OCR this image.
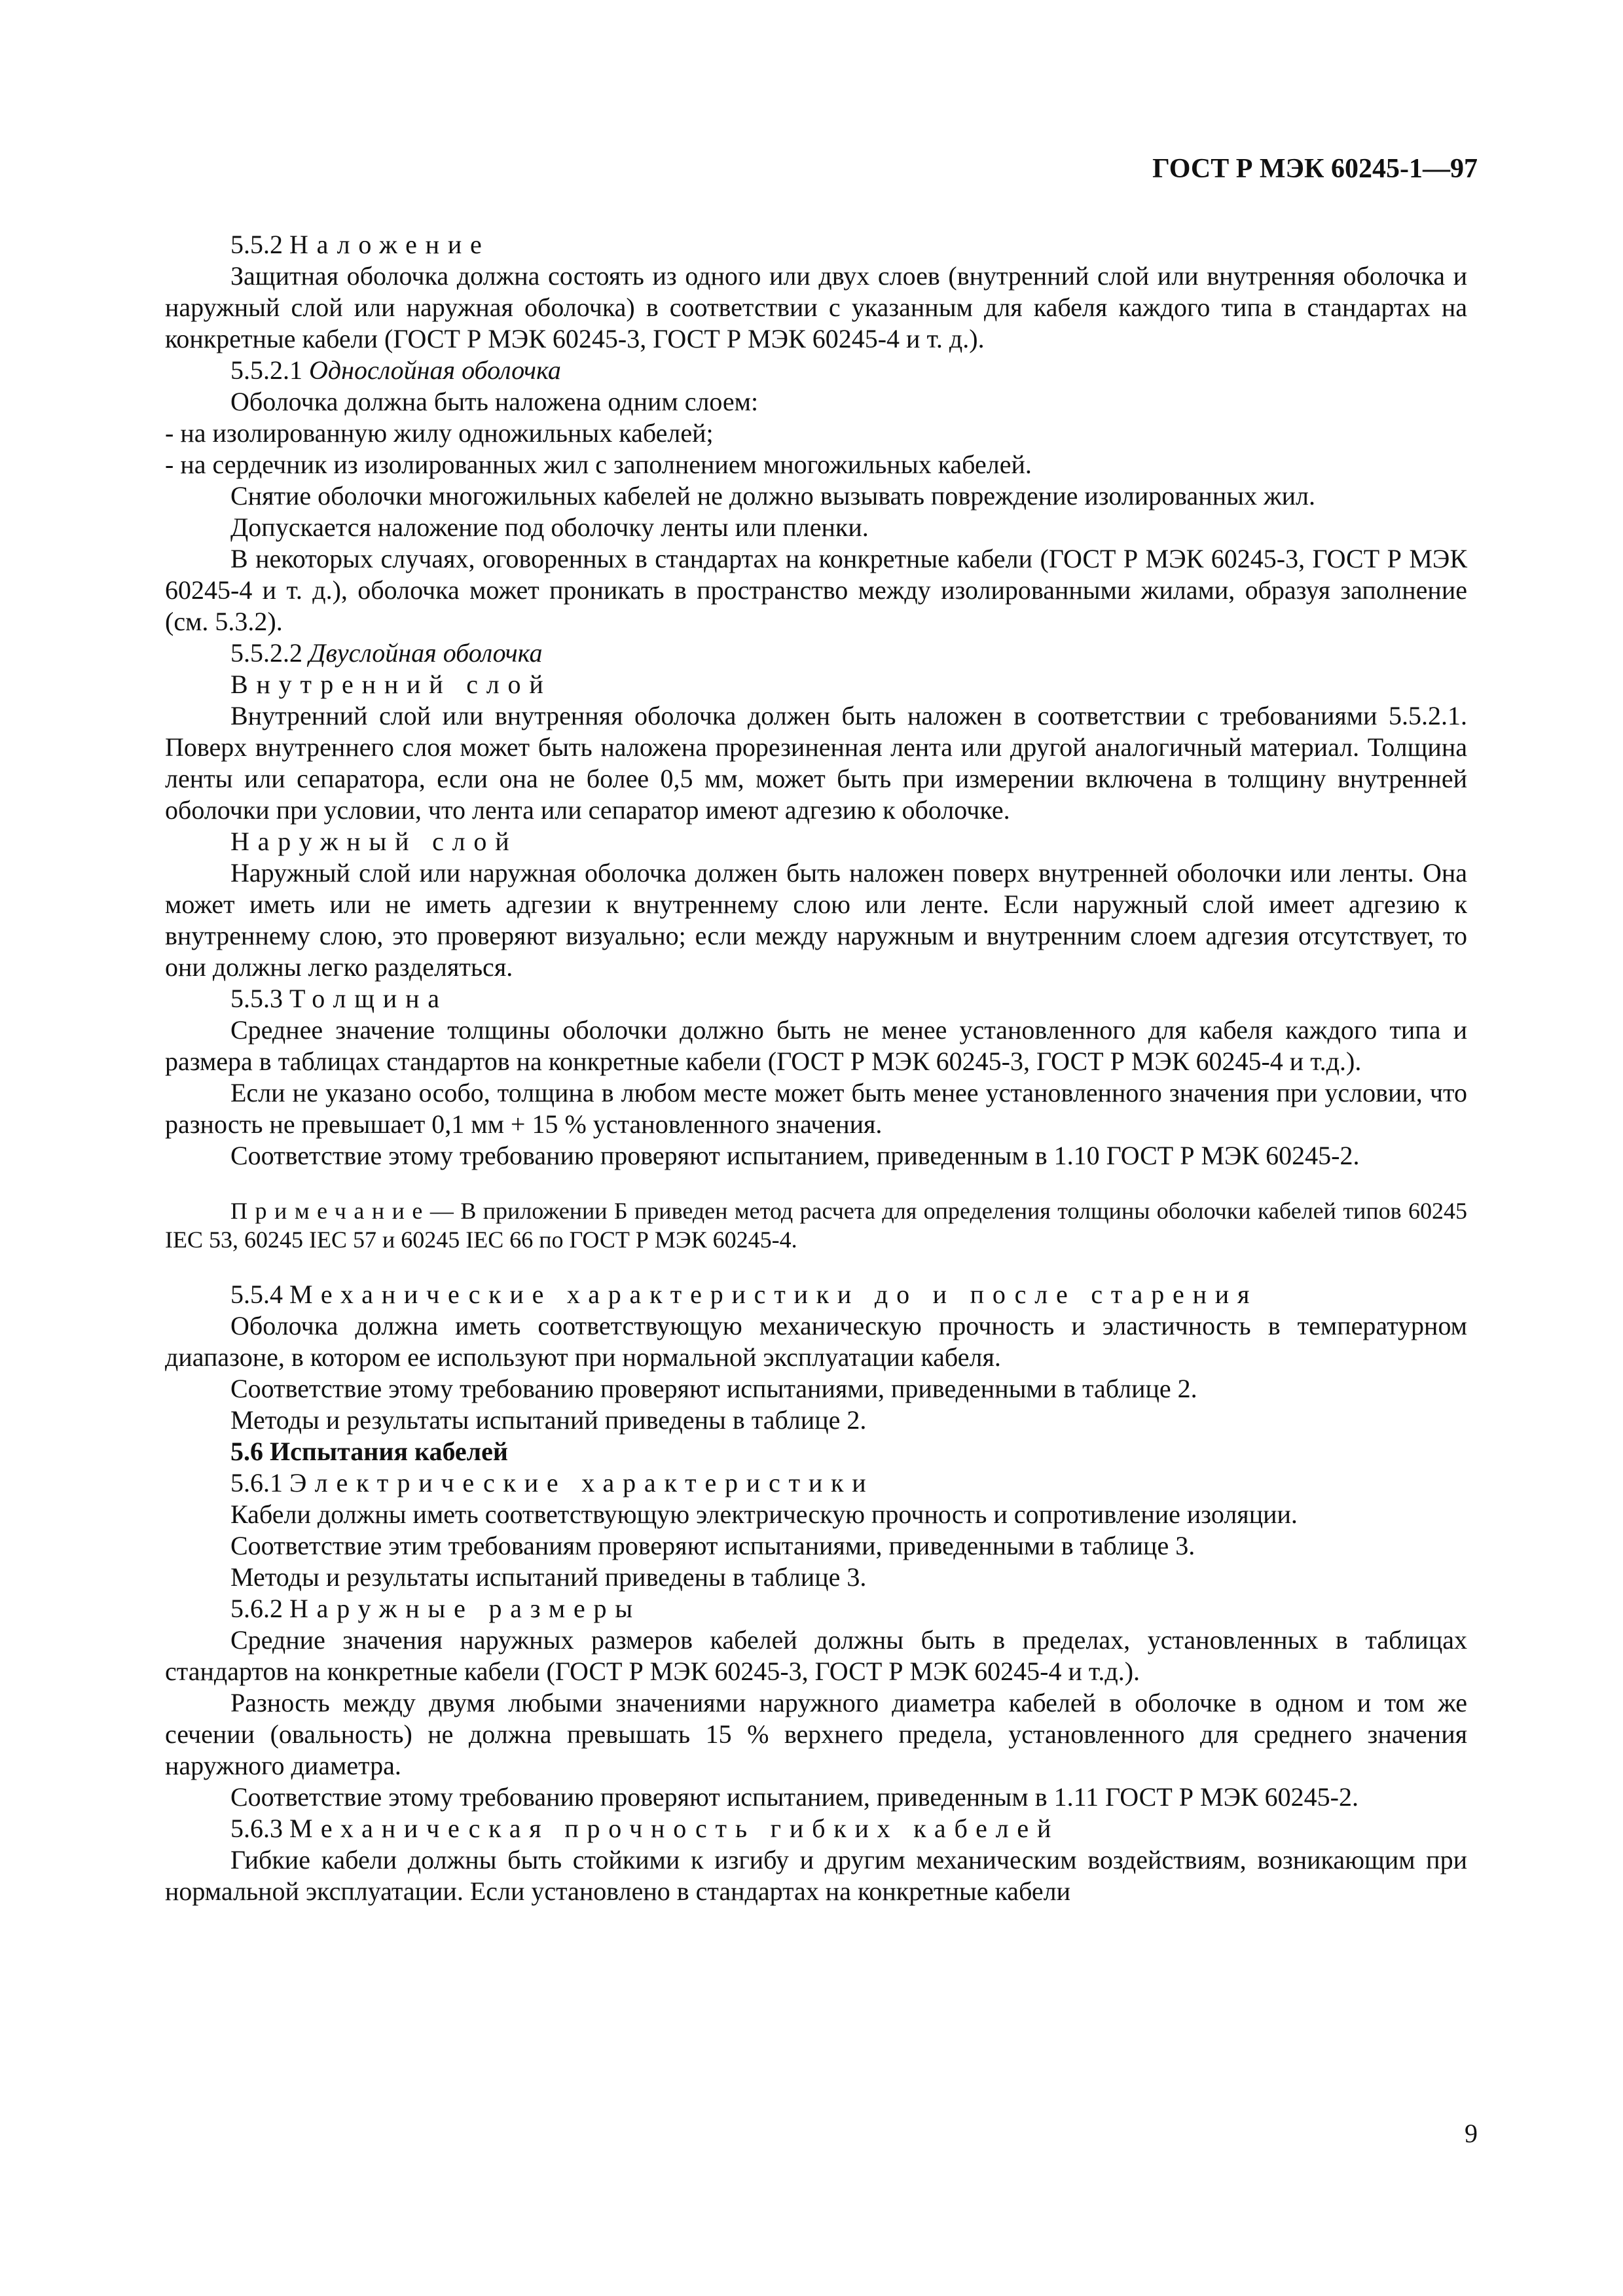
ГОСТ Р МЭК 60245-1—97

5.5.2 Наложение

Защитная оболочка должна состоять из одного или двух слоев (внутренний слой или внутренняя оболочка и наружный слой или наружная оболочка) в соответствии с указанным для кабеля каждого типа в стандартах на конкретные кабели (ГОСТ Р МЭК 60245-3, ГОСТ Р МЭК 60245-4 и т. д.).

5.5.2.1 Однослойная оболочка

Оболочка должна быть наложена одним слоем:

- на изолированную жилу одножильных кабелей;

- на сердечник из изолированных жил с заполнением многожильных кабелей.

Снятие оболочки многожильных кабелей не должно вызывать повреждение изолированных жил.

Допускается наложение под оболочку ленты или пленки.

В некоторых случаях, оговоренных в стандартах на конкретные кабели (ГОСТ Р МЭК 60245-3, ГОСТ Р МЭК 60245-4 и т. д.), оболочка может проникать в пространство между изолированными жилами, образуя заполнение (см. 5.3.2).

5.5.2.2 Двуслойная оболочка

Внутренний слой

Внутренний слой или внутренняя оболочка должен быть наложен в соответствии с требованиями 5.5.2.1. Поверх внутреннего слоя может быть наложена прорезиненная лента или другой аналогичный материал. Толщина ленты или сепаратора, если она не более 0,5 мм, может быть при измерении включена в толщину внутренней оболочки при условии, что лента или сепаратор имеют адгезию к оболочке.

Наружный слой

Наружный слой или наружная оболочка должен быть наложен поверх внутренней оболочки или ленты. Она может иметь или не иметь адгезии к внутреннему слою или ленте. Если наружный слой имеет адгезию к внутреннему слою, это проверяют визуально; если между наружным и внутренним слоем адгезия отсутствует, то они должны легко разделяться.

5.5.3 Толщина

Среднее значение толщины оболочки должно быть не менее установленного для кабеля каждого типа и размера в таблицах стандартов на конкретные кабели (ГОСТ Р МЭК 60245-3, ГОСТ Р МЭК 60245-4 и т.д.).

Если не указано особо, толщина в любом месте может быть менее установленного значения при условии, что разность не превышает 0,1 мм + 15 % установленного значения.

Соответствие этому требованию проверяют испытанием, приведенным в 1.10 ГОСТ Р МЭК 60245-2.

Примечание— В приложении Б приведен метод расчета для определения толщины оболочки кабелей типов 60245 IEC 53, 60245 IEC 57 и 60245 IEC 66 по ГОСТ Р МЭК 60245-4.

5.5.4 Механические характеристики до и после старения

Оболочка должна иметь соответствующую механическую прочность и эластичность в температурном диапазоне, в котором ее используют при нормальной эксплуатации кабеля.

Соответствие этому требованию проверяют испытаниями, приведенными в таблице 2.

Методы и результаты испытаний приведены в таблице 2.

5.6 Испытания кабелей

5.6.1 Электрические характеристики

Кабели должны иметь соответствующую электрическую прочность и сопротивление изоляции.

Соответствие этим требованиям проверяют испытаниями, приведенными в таблице 3.

Методы и результаты испытаний приведены в таблице 3.

5.6.2 Наружные размеры

Средние значения наружных размеров кабелей должны быть в пределах, установленных в таблицах стандартов на конкретные кабели (ГОСТ Р МЭК 60245-3, ГОСТ Р МЭК 60245-4 и т.д.).

Разность между двумя любыми значениями наружного диаметра кабелей в оболочке в одном и том же сечении (овальность) не должна превышать 15 % верхнего предела, установленного для среднего значения наружного диаметра.

Соответствие этому требованию проверяют испытанием, приведенным в 1.11 ГОСТ Р МЭК 60245-2.

5.6.3 Механическая прочность гибких кабелей

Гибкие кабели должны быть стойкими к изгибу и другим механическим воздействиям, возникающим при нормальной эксплуатации. Если установлено в стандартах на конкретные кабели

9
